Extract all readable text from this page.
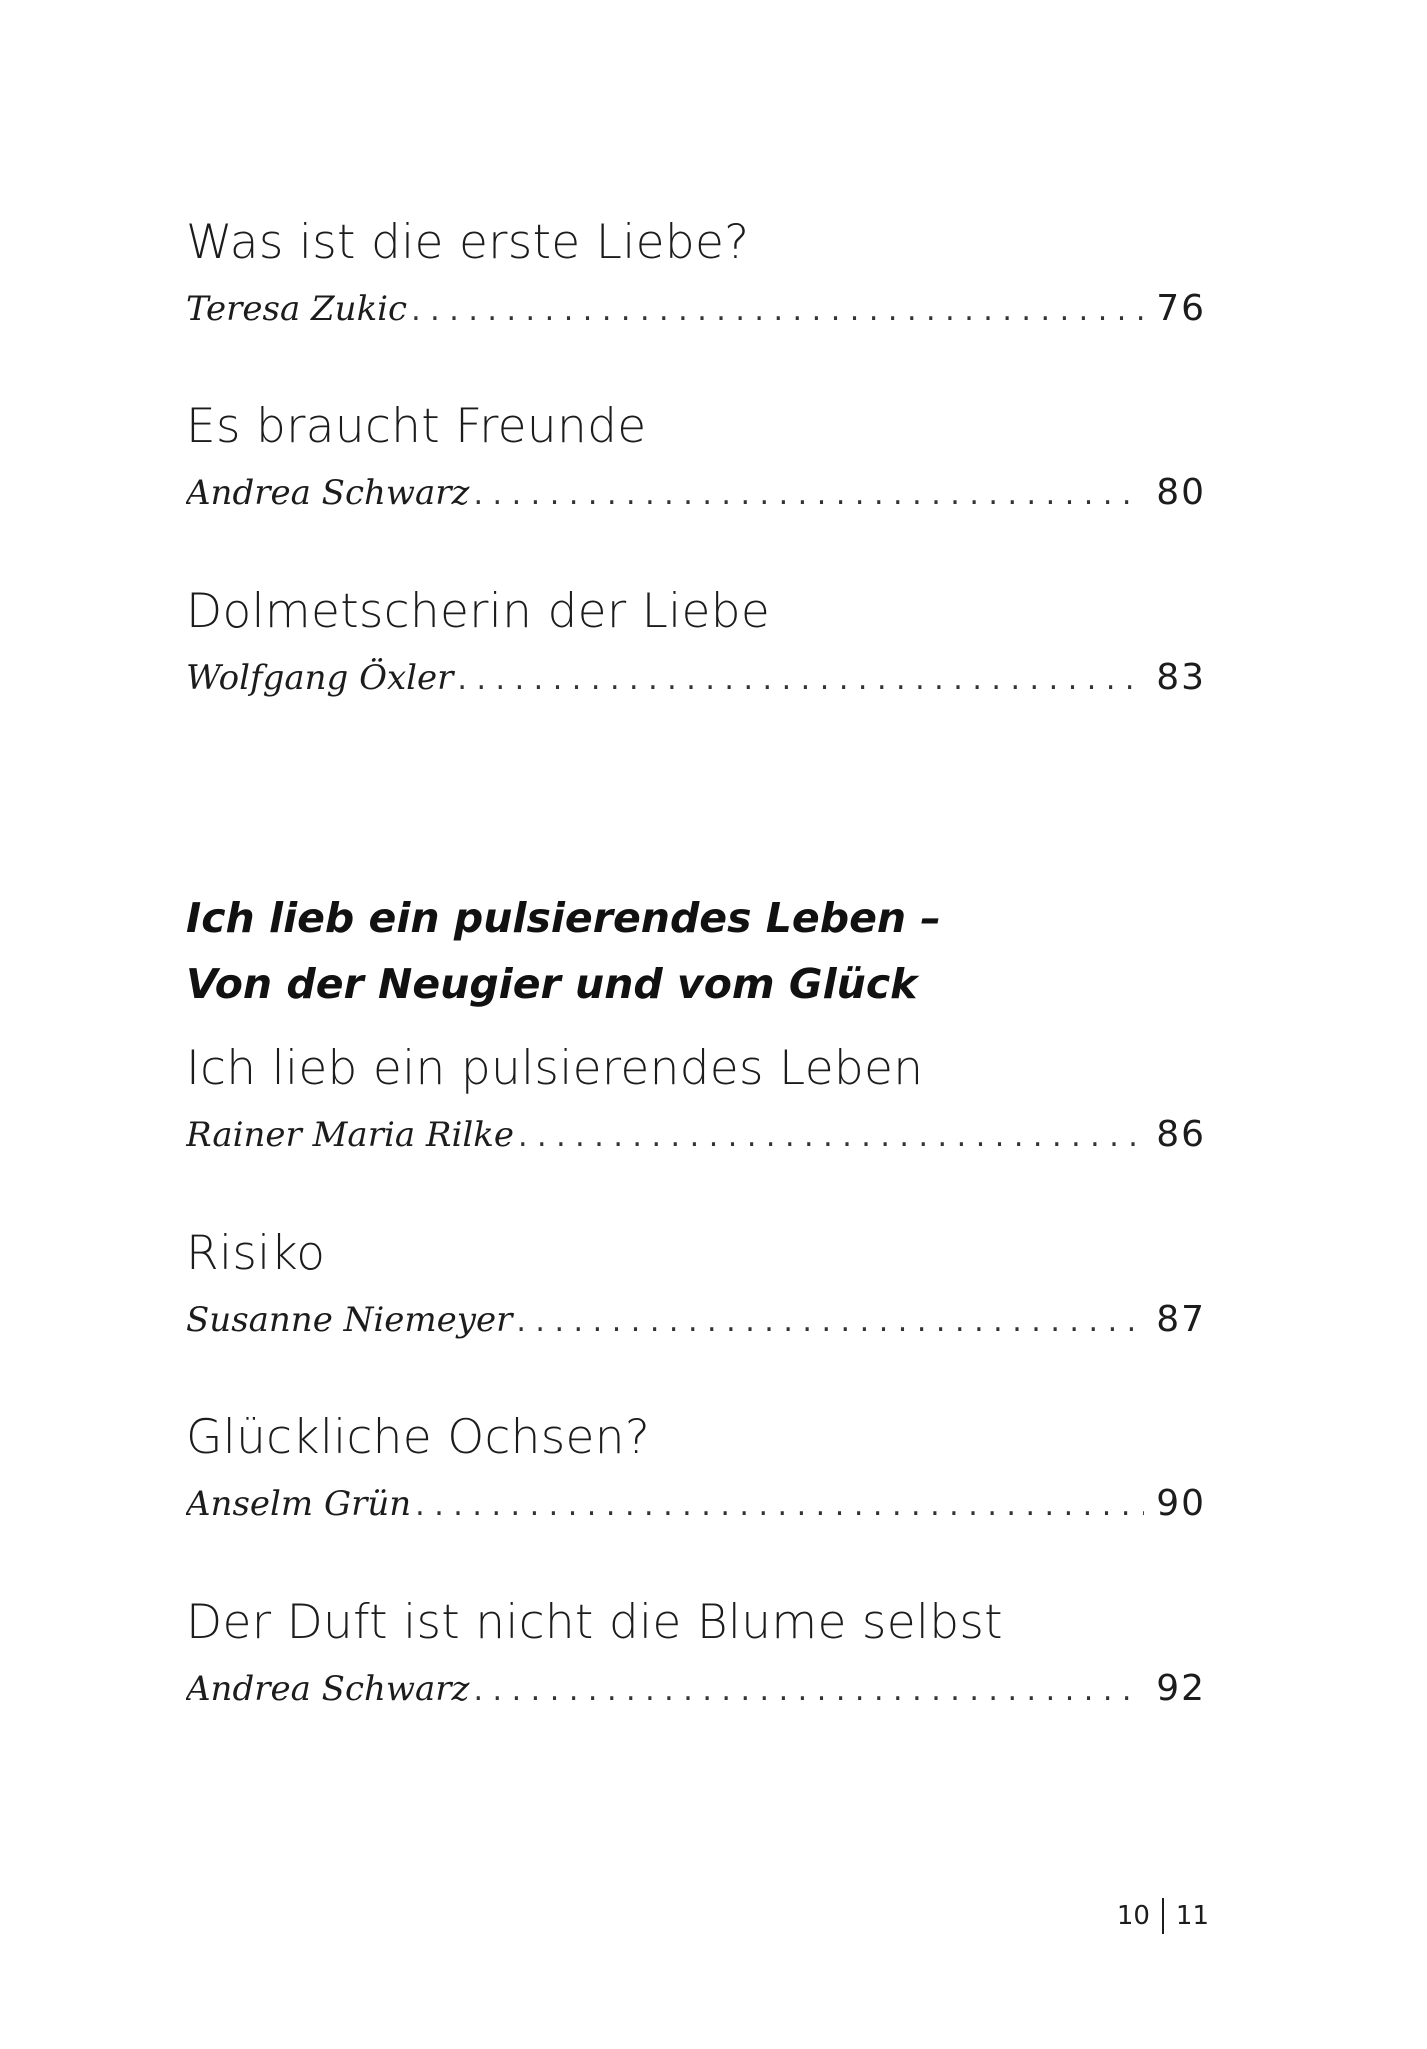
Was ist die erste Liebe?
Teresa Zukic . . .	76
Es braucht Freunde
Andrea Schwarz . . .	80
Dolmetscherin der Liebe
Wolfgang Öxler . . .	83
Ich lieb ein pulsierendes Leben –
Von der Neugier und vom Glück
Ich lieb ein pulsierendes Leben
Rainer Maria Rilke . . .	86
Risiko
Susanne Niemeyer . . .	87
Glückliche Ochsen?
Anselm Grün . . .	90
Der Duft ist nicht die Blume selbst
Andrea Schwarz . . .	92
10 11
